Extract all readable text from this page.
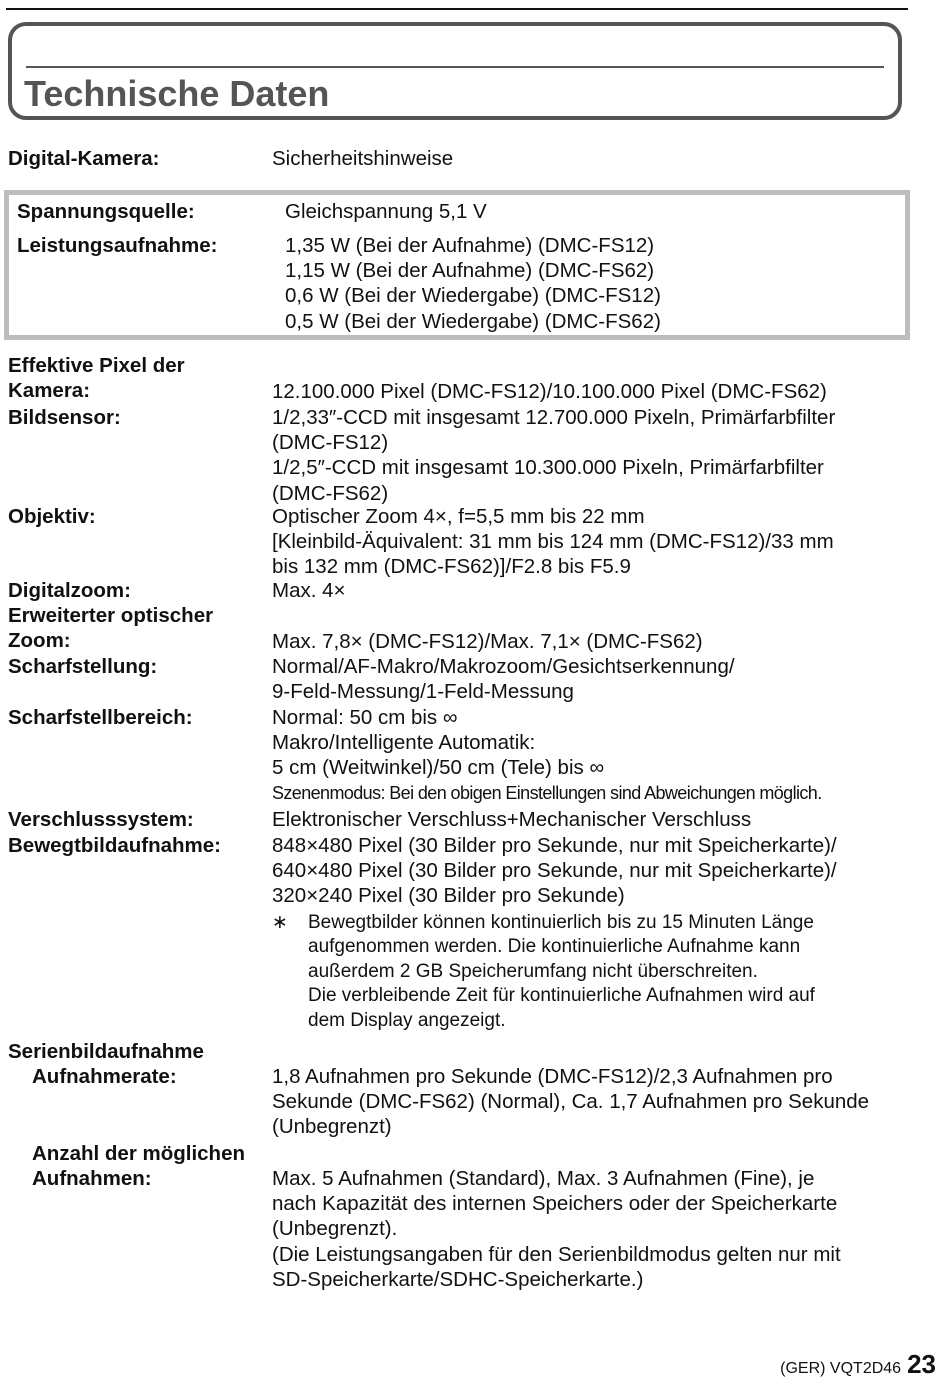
Technische Daten
Digital-Kamera:	Sicherheitshinweise
Spannungsquelle:	Gleichspannung 5,1 V
Leistungsaufnahme:	1,35 W (Bei der Aufnahme) (DMC-FS12)
1,15 W (Bei der Aufnahme) (DMC-FS62)
0,6 W (Bei der Wiedergabe) (DMC-FS12)
0,5 W (Bei der Wiedergabe) (DMC-FS62)
Effektive Pixel der
Kamera:	12.100.000 Pixel (DMC-FS12)/10.100.000 Pixel (DMC-FS62)
Bildsensor:	1/2,33″-CCD mit insgesamt 12.700.000 Pixeln, Primärfarbfilter
(DMC-FS12)
1/2,5″-CCD mit insgesamt 10.300.000 Pixeln, Primärfarbfilter
(DMC-FS62)
Objektiv:	Optischer Zoom 4×, f=5,5 mm bis 22 mm
[Kleinbild-Äquivalent: 31 mm bis 124 mm (DMC-FS12)/33 mm
bis 132 mm (DMC-FS62)]/F2.8 bis F5.9
Digitalzoom:	Max. 4×
Erweiterter optischer
Zoom:	Max. 7,8× (DMC-FS12)/Max. 7,1× (DMC-FS62)
Scharfstellung:	Normal/AF-Makro/Makrozoom/Gesichtserkennung/
9-Feld-Messung/1-Feld-Messung
Scharfstellbereich:	Normal: 50 cm bis ∞
Makro/Intelligente Automatik:
5 cm (Weitwinkel)/50 cm (Tele) bis ∞
Szenenmodus: Bei den obigen Einstellungen sind Abweichungen möglich.
Verschlusssystem:	Elektronischer Verschluss+Mechanischer Verschluss
Bewegtbildaufnahme: 848×480 Pixel (30 Bilder pro Sekunde, nur mit Speicherkarte)/
640×480 Pixel (30 Bilder pro Sekunde, nur mit Speicherkarte)/
320×240 Pixel (30 Bilder pro Sekunde)
∗	Bewegtbilder können kontinuierlich bis zu 15 Minuten Länge
aufgenommen werden. Die kontinuierliche Aufnahme kann
außerdem 2 GB Speicherumfang nicht überschreiten.
Die verbleibende Zeit für kontinuierliche Aufnahmen wird auf
dem Display angezeigt.
Serienbildaufnahme
Aufnahmerate:	1,8 Aufnahmen pro Sekunde (DMC-FS12)/2,3 Aufnahmen pro
Sekunde (DMC-FS62) (Normal), Ca. 1,7 Aufnahmen pro Sekunde
(Unbegrenzt)
Anzahl der möglichen
Aufnahmen:	Max. 5 Aufnahmen (Standard), Max. 3 Aufnahmen (Fine), je
nach Kapazität des internen Speichers oder der Speicherkarte
(Unbegrenzt).
(Die Leistungsangaben für den Serienbildmodus gelten nur mit
SD-Speicherkarte/SDHC-Speicherkarte.)
(GER) VQT2D46 23
